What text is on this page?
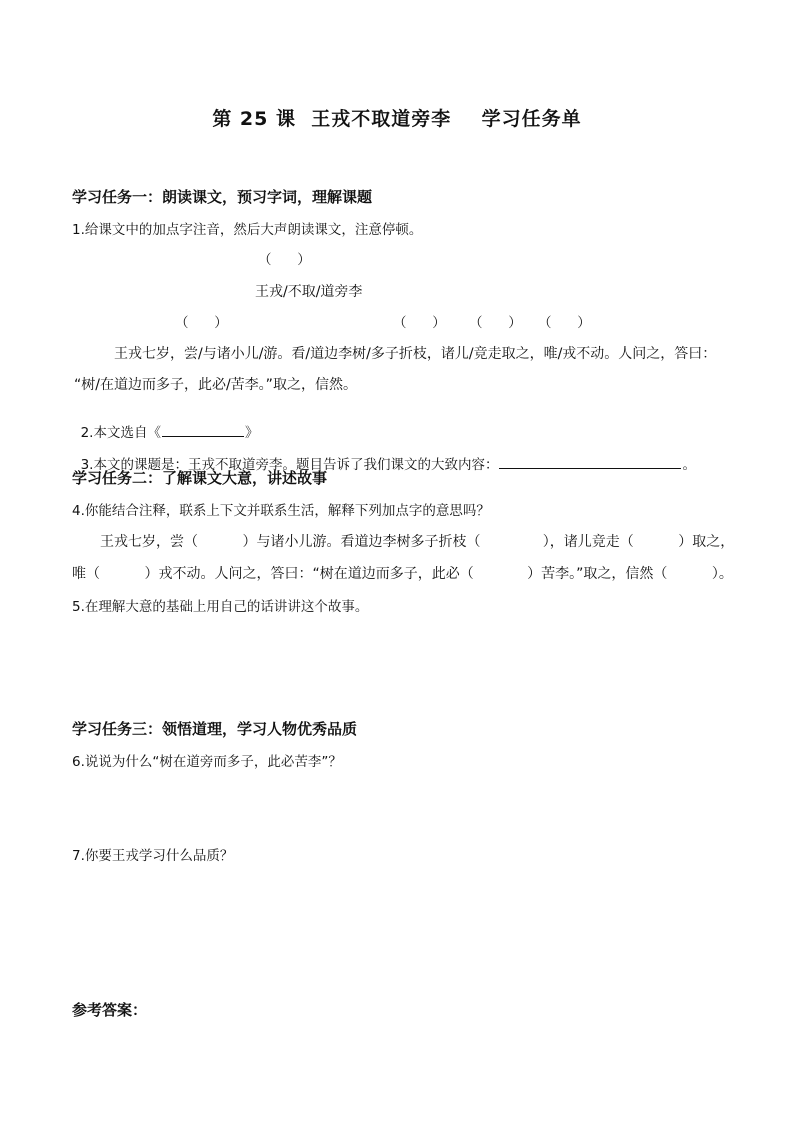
第 25 课  王戎不取道旁李    学习任务单
学习任务一：朗读课文，预习字词，理解课题
1.给课文中的加点字注音，然后大声朗读课文，注意停顿。
（      ）
王戎/不取/道旁李
（      ）	（      ） （      ） （      ）
王戎七岁，尝/与诸小儿/游。看/道边李树/多子折枝，诸儿/竞走取之，唯/戎不动。人问之，答曰：
“树/在道边而多子，此必/苦李。”取之，信然。

2.本文选自《	》

3.本文的课题是：王戎不取道旁李。题目告诉了我们课文的大致内容：	。

学习任务二：了解课文大意，讲述故事
4.你能结合注释，联系上下文并联系生活，解释下列加点字的意思吗？
王戎七岁，尝（          ）与诸小儿游。看道边李树多子折枝（              ），诸儿竞走（          ）取之，
唯（          ）戎不动。人问之，答曰：“树在道边而多子，此必（            ）苦李。”取之，信然（          ）。
5.在理解大意的基础上用自己的话讲讲这个故事。
学习任务三：领悟道理，学习人物优秀品质
6.说说为什么“树在道旁而多子，此必苦李”？
7.你要王戎学习什么品质？
参考答案：
